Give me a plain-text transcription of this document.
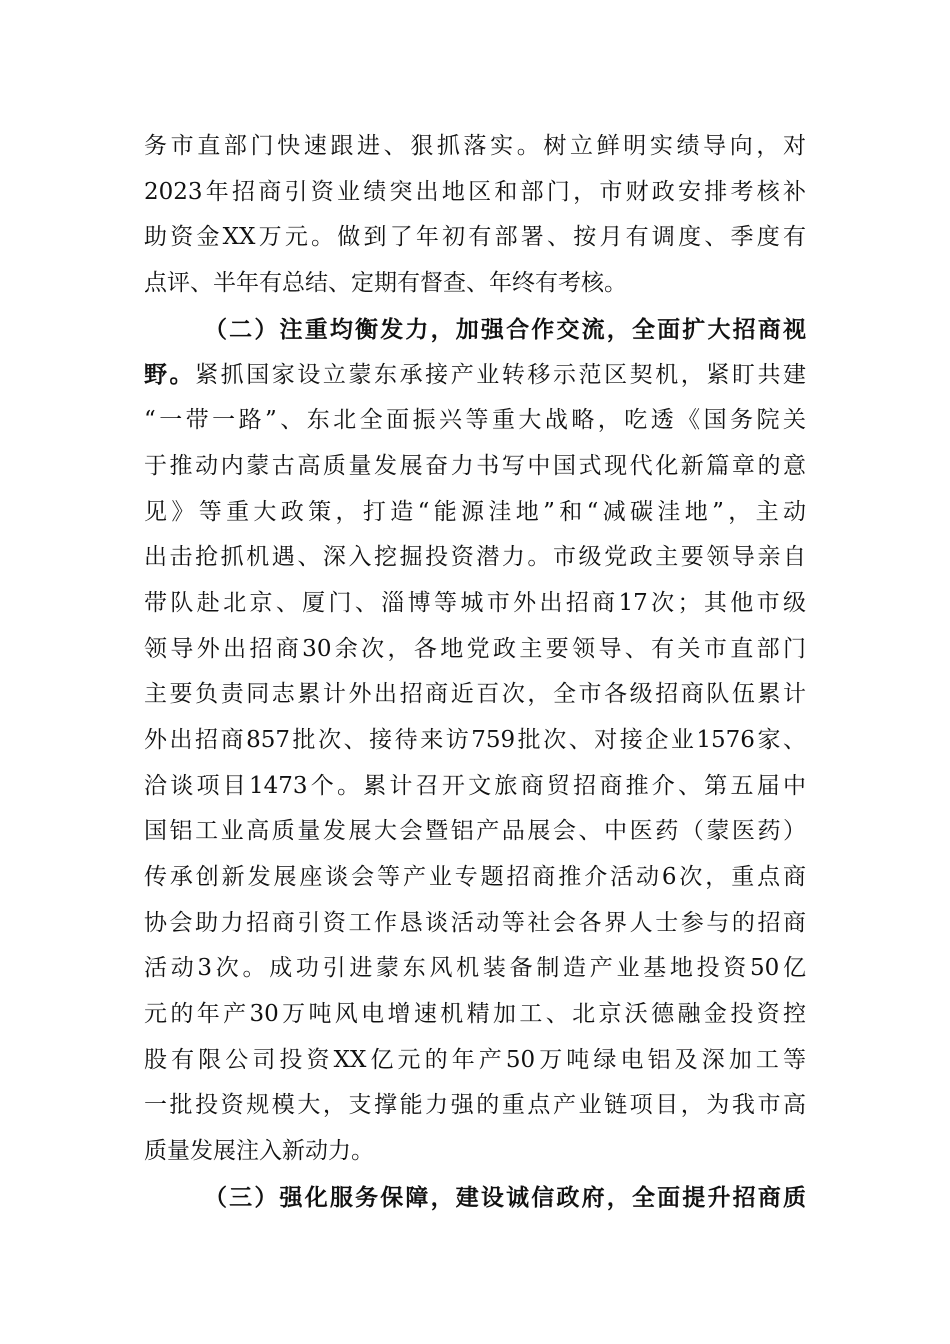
务市直部门快速跟进、狠抓落实。树立鲜明实绩导向，对
2023年招商引资业绩突出地区和部门，市财政安排考核补
助资金XX万元。做到了年初有部署、按月有调度、季度有
点评、半年有总结、定期有督查、年终有考核。
（二）注重均衡发力，加强合作交流，全面扩大招商视
野。紧抓国家设立蒙东承接产业转移示范区契机，紧盯共建
“一带一路”、东北全面振兴等重大战略，吃透《国务院关
于推动内蒙古高质量发展奋力书写中国式现代化新篇章的意
见》等重大政策，打造“能源洼地”和“减碳洼地”，主动
出击抢抓机遇、深入挖掘投资潜力。市级党政主要领导亲自
带队赴北京、厦门、淄博等城市外出招商17次；其他市级
领导外出招商30余次，各地党政主要领导、有关市直部门
主要负责同志累计外出招商近百次，全市各级招商队伍累计
外出招商857批次、接待来访759批次、对接企业1576家、
洽谈项目1473个。累计召开文旅商贸招商推介、第五届中
国铝工业高质量发展大会暨铝产品展会、中医药（蒙医药）
传承创新发展座谈会等产业专题招商推介活动6次，重点商
协会助力招商引资工作恳谈活动等社会各界人士参与的招商
活动3次。成功引进蒙东风机装备制造产业基地投资50亿
元的年产30万吨风电增速机精加工、北京沃德融金投资控
股有限公司投资XX亿元的年产50万吨绿电铝及深加工等
一批投资规模大，支撑能力强的重点产业链项目，为我市高
质量发展注入新动力。
（三）强化服务保障，建设诚信政府，全面提升招商质
